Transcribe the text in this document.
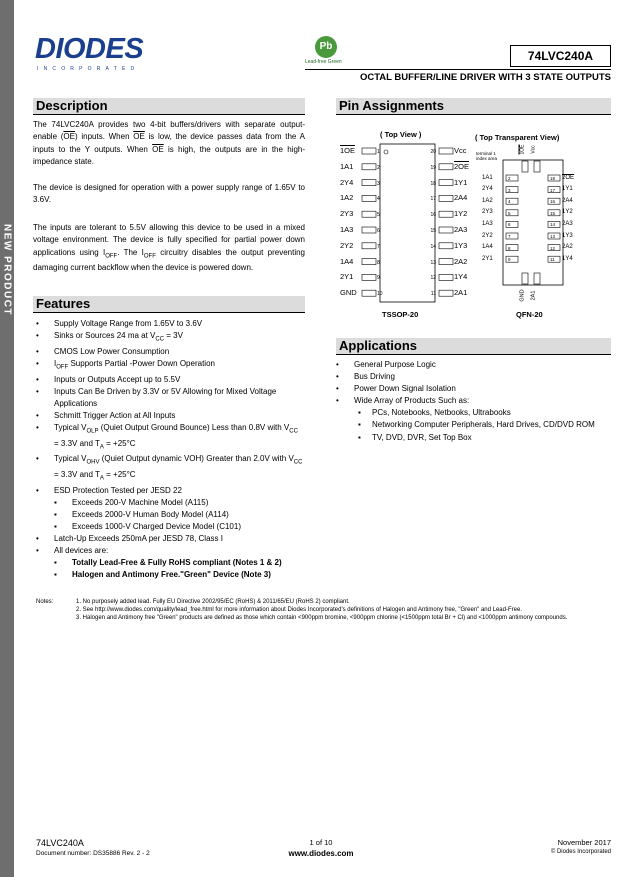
NEW PRODUCT
DIODES
INCORPORATED
Pb
Lead-free Green	74LVC240A
OCTAL BUFFER/LINE DRIVER WITH 3 STATE OUTPUTS
Description
The 74LVC240A provides two 4-bit buffers/drivers with separate output-enable $(\overline{OE})$ inputs. When $\overline{OE}$ is low, the device passes data from the A inputs to the Y outputs. When $\overline{OE}$ is high, the outputs are in the high-impedance state.
The device is designed for operation with a power supply range of 1.65V to 3.6V.
The inputs are tolerant to 5.5V allowing this device to be used in a mixed voltage environment. The device is fully specified for partial power down applications using $I_{OFF}$. The $I_{OFF}$ circuitry disables the output preventing damaging current backflow when the device is powered down.
Features
• Supply Voltage Range from 1.65V to 3.6V
• Sinks or Sources 24 ma at $V_{CC} = 3V$
• CMOS Low Power Consumption
• $I_{OFF}$ Supports Partial -Power Down Operation
• Inputs or Outputs Accept up to 5.5V
• Inputs Can Be Driven by 3.3V or 5V Allowing for Mixed Voltage Applications
• Schmitt Trigger Action at All Inputs
• Typical $V_{OLP}$ (Quiet Output Ground Bounce) Less than 0.8V with $V_{CC} = 3.3V$ and $T_A = +25^\circ C$
• Typical $V_{OHV}$ (Quiet Output dynamic VOH) Greater than 2.0V with $V_{CC} = 3.3V$ and $T_A = +25^\circ C$
• ESD Protection Tested per JESD 22
▪ Exceeds 200-V Machine Model (A115)
▪ Exceeds 2000-V Human Body Model (A114)
▪ Exceeds 1000-V Charged Device Model (C101)
• Latch-Up Exceeds 250mA per JESD 78, Class I
• All devices are:
▪ Totally Lead-Free & Fully RoHS compliant (Notes 1 & 2)
▪ Halogen and Antimony Free."Green" Device (Note 3)
Pin Assignments
( Top View )	( Top Transparent View)
1OE	1
1A1	2
2Y4	3
1A2	4
2Y3	5
1A3	6
2Y2	7
1A4	8
2Y1	9
GND	10
Vcc
20
2OE
19
1Y1
18
2A4
17
1Y2
16
2A3
15
1Y3
14
2A2
13
1Y4
12
2A1
11
TSSOP-20
terminal 1 index area
1A1	2
2Y4	3
1A2	4
2Y3	5
1A3	6
2Y2	7
1A4	8
2Y1	9
2OE
18
1Y1
17
2A4
16
1Y2
15
2A3
14
1Y3
13
2A2
12
1Y4
11
1OE Vcc
GND 2A1
QFN-20
Applications
• General Purpose Logic
• Bus Driving
• Power Down Signal Isolation
• Wide Array of Products Such as:
▪ PCs, Notebooks, Netbooks, Ultrabooks
▪ Networking Computer Peripherals, Hard Drives, CD/DVD ROM
▪ TV, DVD, DVR, Set Top Box
Notes:	1. No purposely added lead. Fully EU Directive 2002/95/EC (RoHS) & 2011/65/EU (RoHS 2) compliant.
2. See http://www.diodes.com/quality/lead_free.html for more information about Diodes Incorporated's definitions of Halogen and Antimony free, "Green" and Lead-Free.
3. Halogen and Antimony free "Green" products are defined as those which contain <900ppm bromine, <900ppm chlorine (<1500ppm total Br + Cl) and <1000ppm antimony compounds.
74LVC240A
Document number: DS35886 Rev. 2 - 2
1 of 10
www.diodes.com
November 2017
© Diodes Incorporated
